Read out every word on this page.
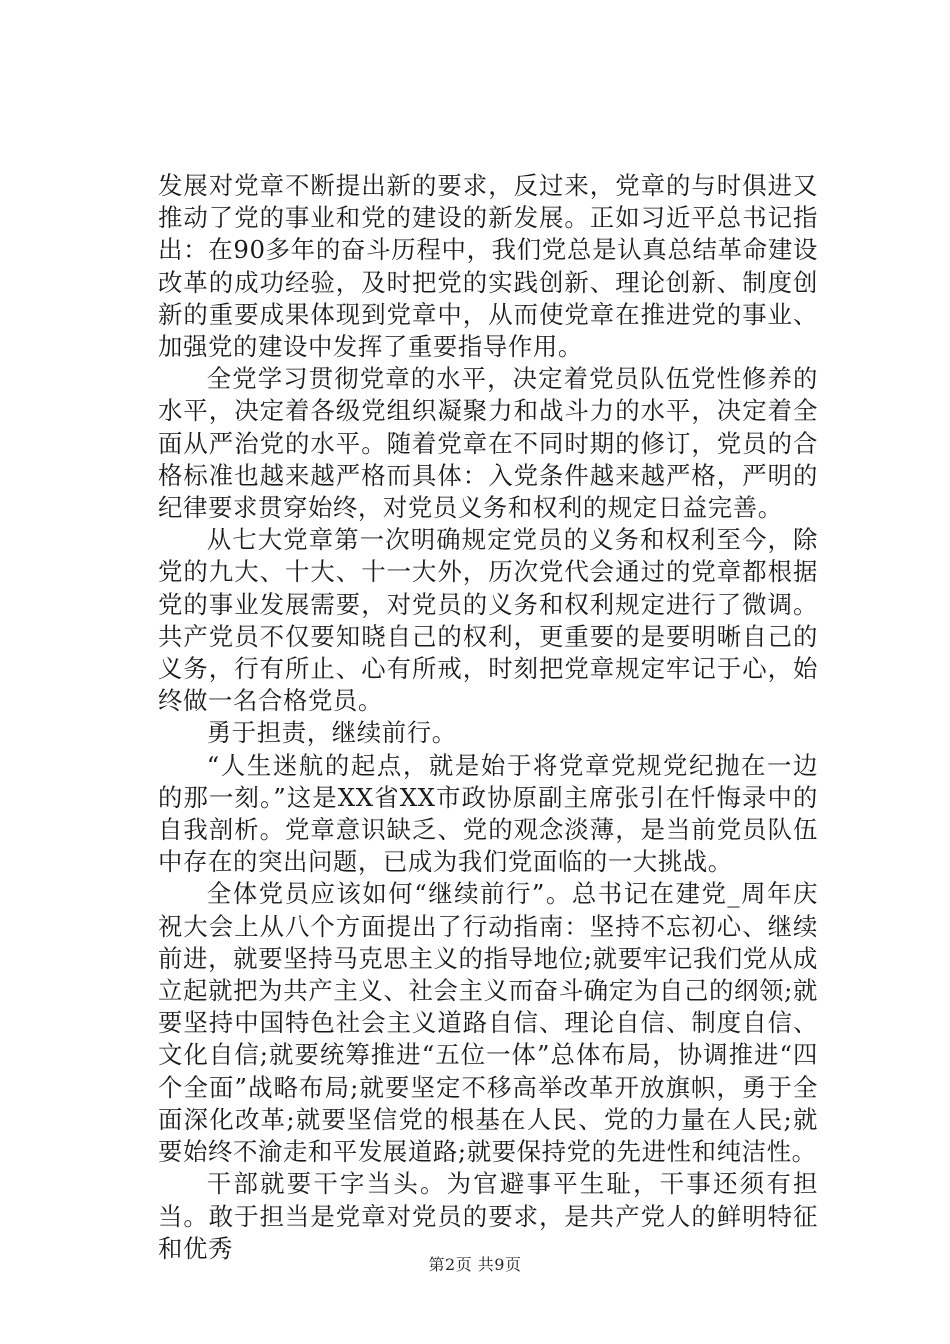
发展对党章不断提出新的要求，反过来，党章的与时俱进又推动了党的事业和党的建设的新发展。正如习近平总书记指出：在90多年的奋斗历程中，我们党总是认真总结革命建设改革的成功经验，及时把党的实践创新、理论创新、制度创新的重要成果体现到党章中，从而使党章在推进党的事业、加强党的建设中发挥了重要指导作用。

全党学习贯彻党章的水平，决定着党员队伍党性修养的水平，决定着各级党组织凝聚力和战斗力的水平，决定着全面从严治党的水平。随着党章在不同时期的修订，党员的合格标准也越来越严格而具体：入党条件越来越严格，严明的纪律要求贯穿始终，对党员义务和权利的规定日益完善。

从七大党章第一次明确规定党员的义务和权利至今，除党的九大、十大、十一大外，历次党代会通过的党章都根据党的事业发展需要，对党员的义务和权利规定进行了微调。共产党员不仅要知晓自己的权利，更重要的是要明晰自己的义务，行有所止、心有所戒，时刻把党章规定牢记于心，始终做一名合格党员。

勇于担责，继续前行。

“人生迷航的起点，就是始于将党章党规党纪抛在一边的那一刻。”这是XX省XX市政协原副主席张引在忏悔录中的自我剖析。党章意识缺乏、党的观念淡薄，是当前党员队伍中存在的突出问题，已成为我们党面临的一大挑战。

全体党员应该如何“继续前行”。总书记在建党_周年庆祝大会上从八个方面提出了行动指南：坚持不忘初心、继续前进，就要坚持马克思主义的指导地位;就要牢记我们党从成立起就把为共产主义、社会主义而奋斗确定为自己的纲领;就要坚持中国特色社会主义道路自信、理论自信、制度自信、文化自信;就要统筹推进“五位一体”总体布局，协调推进“四个全面”战略布局;就要坚定不移高举改革开放旗帜，勇于全面深化改革;就要坚信党的根基在人民、党的力量在人民;就要始终不渝走和平发展道路;就要保持党的先进性和纯洁性。

干部就要干字当头。为官避事平生耻，干事还须有担当。敢于担当是党章对党员的要求，是共产党人的鲜明特征和优秀

第2页 共9页
